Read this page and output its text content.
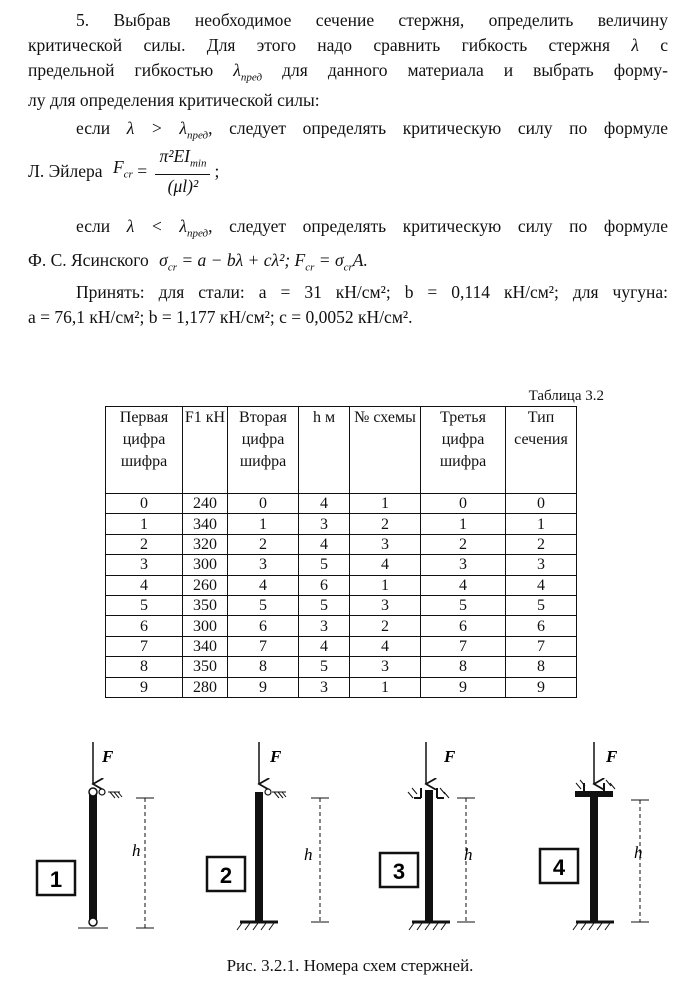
5. Выбрав необходимое сечение стержня, определить величину
критической силы. Для этого надо сравнить гибкость стержня λ с
предельной гибкостью $\lambda_{пред}$ для данного материала и выбрать форму-
лу для определения критической силы:
если $\lambda > \lambda_{пред}$, следует определять критическую силу по формуле
Л. Эйлера $F_{cr} = \frac{\pi^2EI_{min}}{\text{(μl)²}}$ ;
если $\lambda < \lambda_{пред}$, следует определять критическую силу по формуле
Ф. С. Ясинского $\sigma_{cr} = a - b\lambda + c\lambda^2$; $F_{cr} = \sigma_{cr}A$.
Принять: для стали: a = 31 кН/см²; b = 0,114 кН/см²; для чугуна:
a = 76,1 кН/см²; b = 1,177 кН/см²; c = 0,0052 кН/см².
Таблица 3.2
Первая цифра шифра	F1 кН	Вторая цифра шифра	h м	№ схемы	Третья цифра шифра	Тип сечения
0	240	0	4	1	0	0
1	340	1	3	2	1	1
2	320	2	4	3	2	2
3	300	3	5	4	3	3
4	260	4	6	1	4	4
5	350	5	5	3	5	5
6	300	6	3	2	6	6
7	340	7	4	4	7	7
8	350	8	5	3	8	8
9	280	9	3	1	9	9
F
h
1
F
h
2
F
h
3
F
h
4
Рис. 3.2.1. Номера схем стержней.
